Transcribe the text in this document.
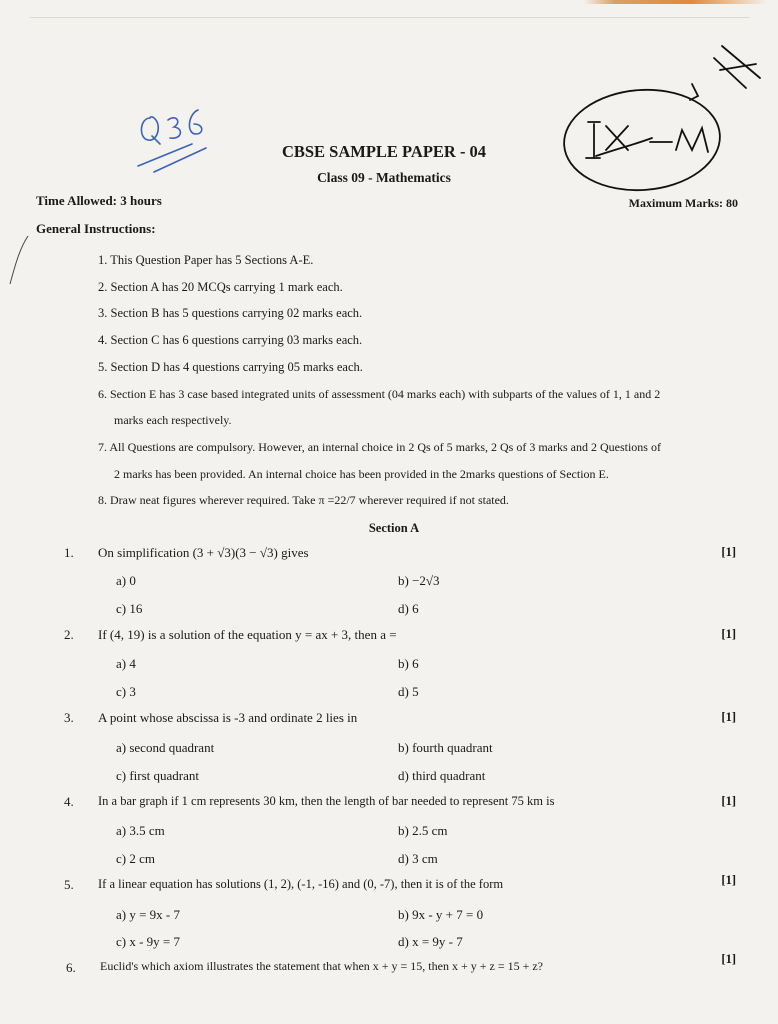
Q36
IX - M
CBSE SAMPLE PAPER - 04
Class 09 - Mathematics
Time Allowed: 3 hours	Maximum Marks: 80
General Instructions:
1. This Question Paper has 5 Sections A-E.
2. Section A has 20 MCQs carrying 1 mark each.
3. Section B has 5 questions carrying 02 marks each.
4. Section C has 6 questions carrying 03 marks each.
5. Section D has 4 questions carrying 05 marks each.
6. Section E has 3 case based integrated units of assessment (04 marks each) with subparts of the values of 1, 1 and 2
marks each respectively.
7. All Questions are compulsory. However, an internal choice in 2 Qs of 5 marks, 2 Qs of 3 marks and 2 Questions of
2 marks has been provided. An internal choice has been provided in the 2marks questions of Section E.
8. Draw neat figures wherever required. Take π =22/7 wherever required if not stated.
Section A
1. On simplification (3 + √3)(3 − √3) gives	[1]
a) 0	b) −2√3
c) 16	d) 6
2. If (4, 19) is a solution of the equation y = ax + 3, then a =	[1]
a) 4	b) 6
c) 3	d) 5
3. A point whose abscissa is -3 and ordinate 2 lies in	[1]
a) second quadrant	b) fourth quadrant
c) first quadrant	d) third quadrant
4. In a bar graph if 1 cm represents 30 km, then the length of bar needed to represent 75 km is	[1]
a) 3.5 cm	b) 2.5 cm
c) 2 cm	d) 3 cm
5. If a linear equation has solutions (1, 2), (-1, -16) and (0, -7), then it is of the form	[1]
a) y = 9x - 7	b) 9x - y + 7 = 0
c) x - 9y = 7	d) x = 9y - 7
6. Euclid's which axiom illustrates the statement that when x + y = 15, then x + y + z = 15 + z?	[1]
